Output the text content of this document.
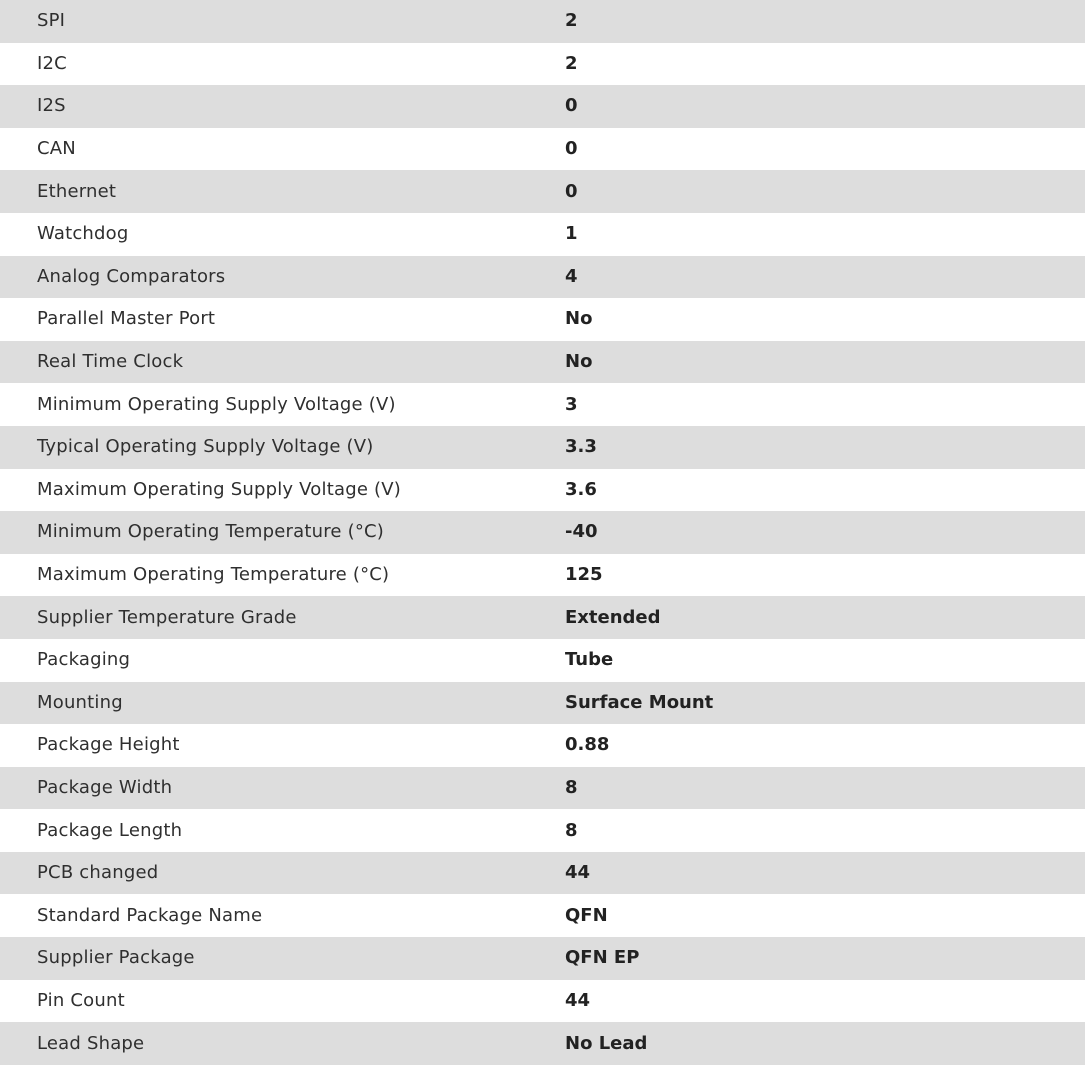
SPI	2
I2C	2
I2S	0
CAN	0
Ethernet	0
Watchdog	1
Analog Comparators	4
Parallel Master Port	No
Real Time Clock	No
Minimum Operating Supply Voltage (V)	3
Typical Operating Supply Voltage (V)	3.3
Maximum Operating Supply Voltage (V)	3.6
Minimum Operating Temperature (°C)	-40
Maximum Operating Temperature (°C)	125
Supplier Temperature Grade	Extended
Packaging	Tube
Mounting	Surface Mount
Package Height	0.88
Package Width	8
Package Length	8
PCB changed	44
Standard Package Name	QFN
Supplier Package	QFN EP
Pin Count	44
Lead Shape	No Lead
